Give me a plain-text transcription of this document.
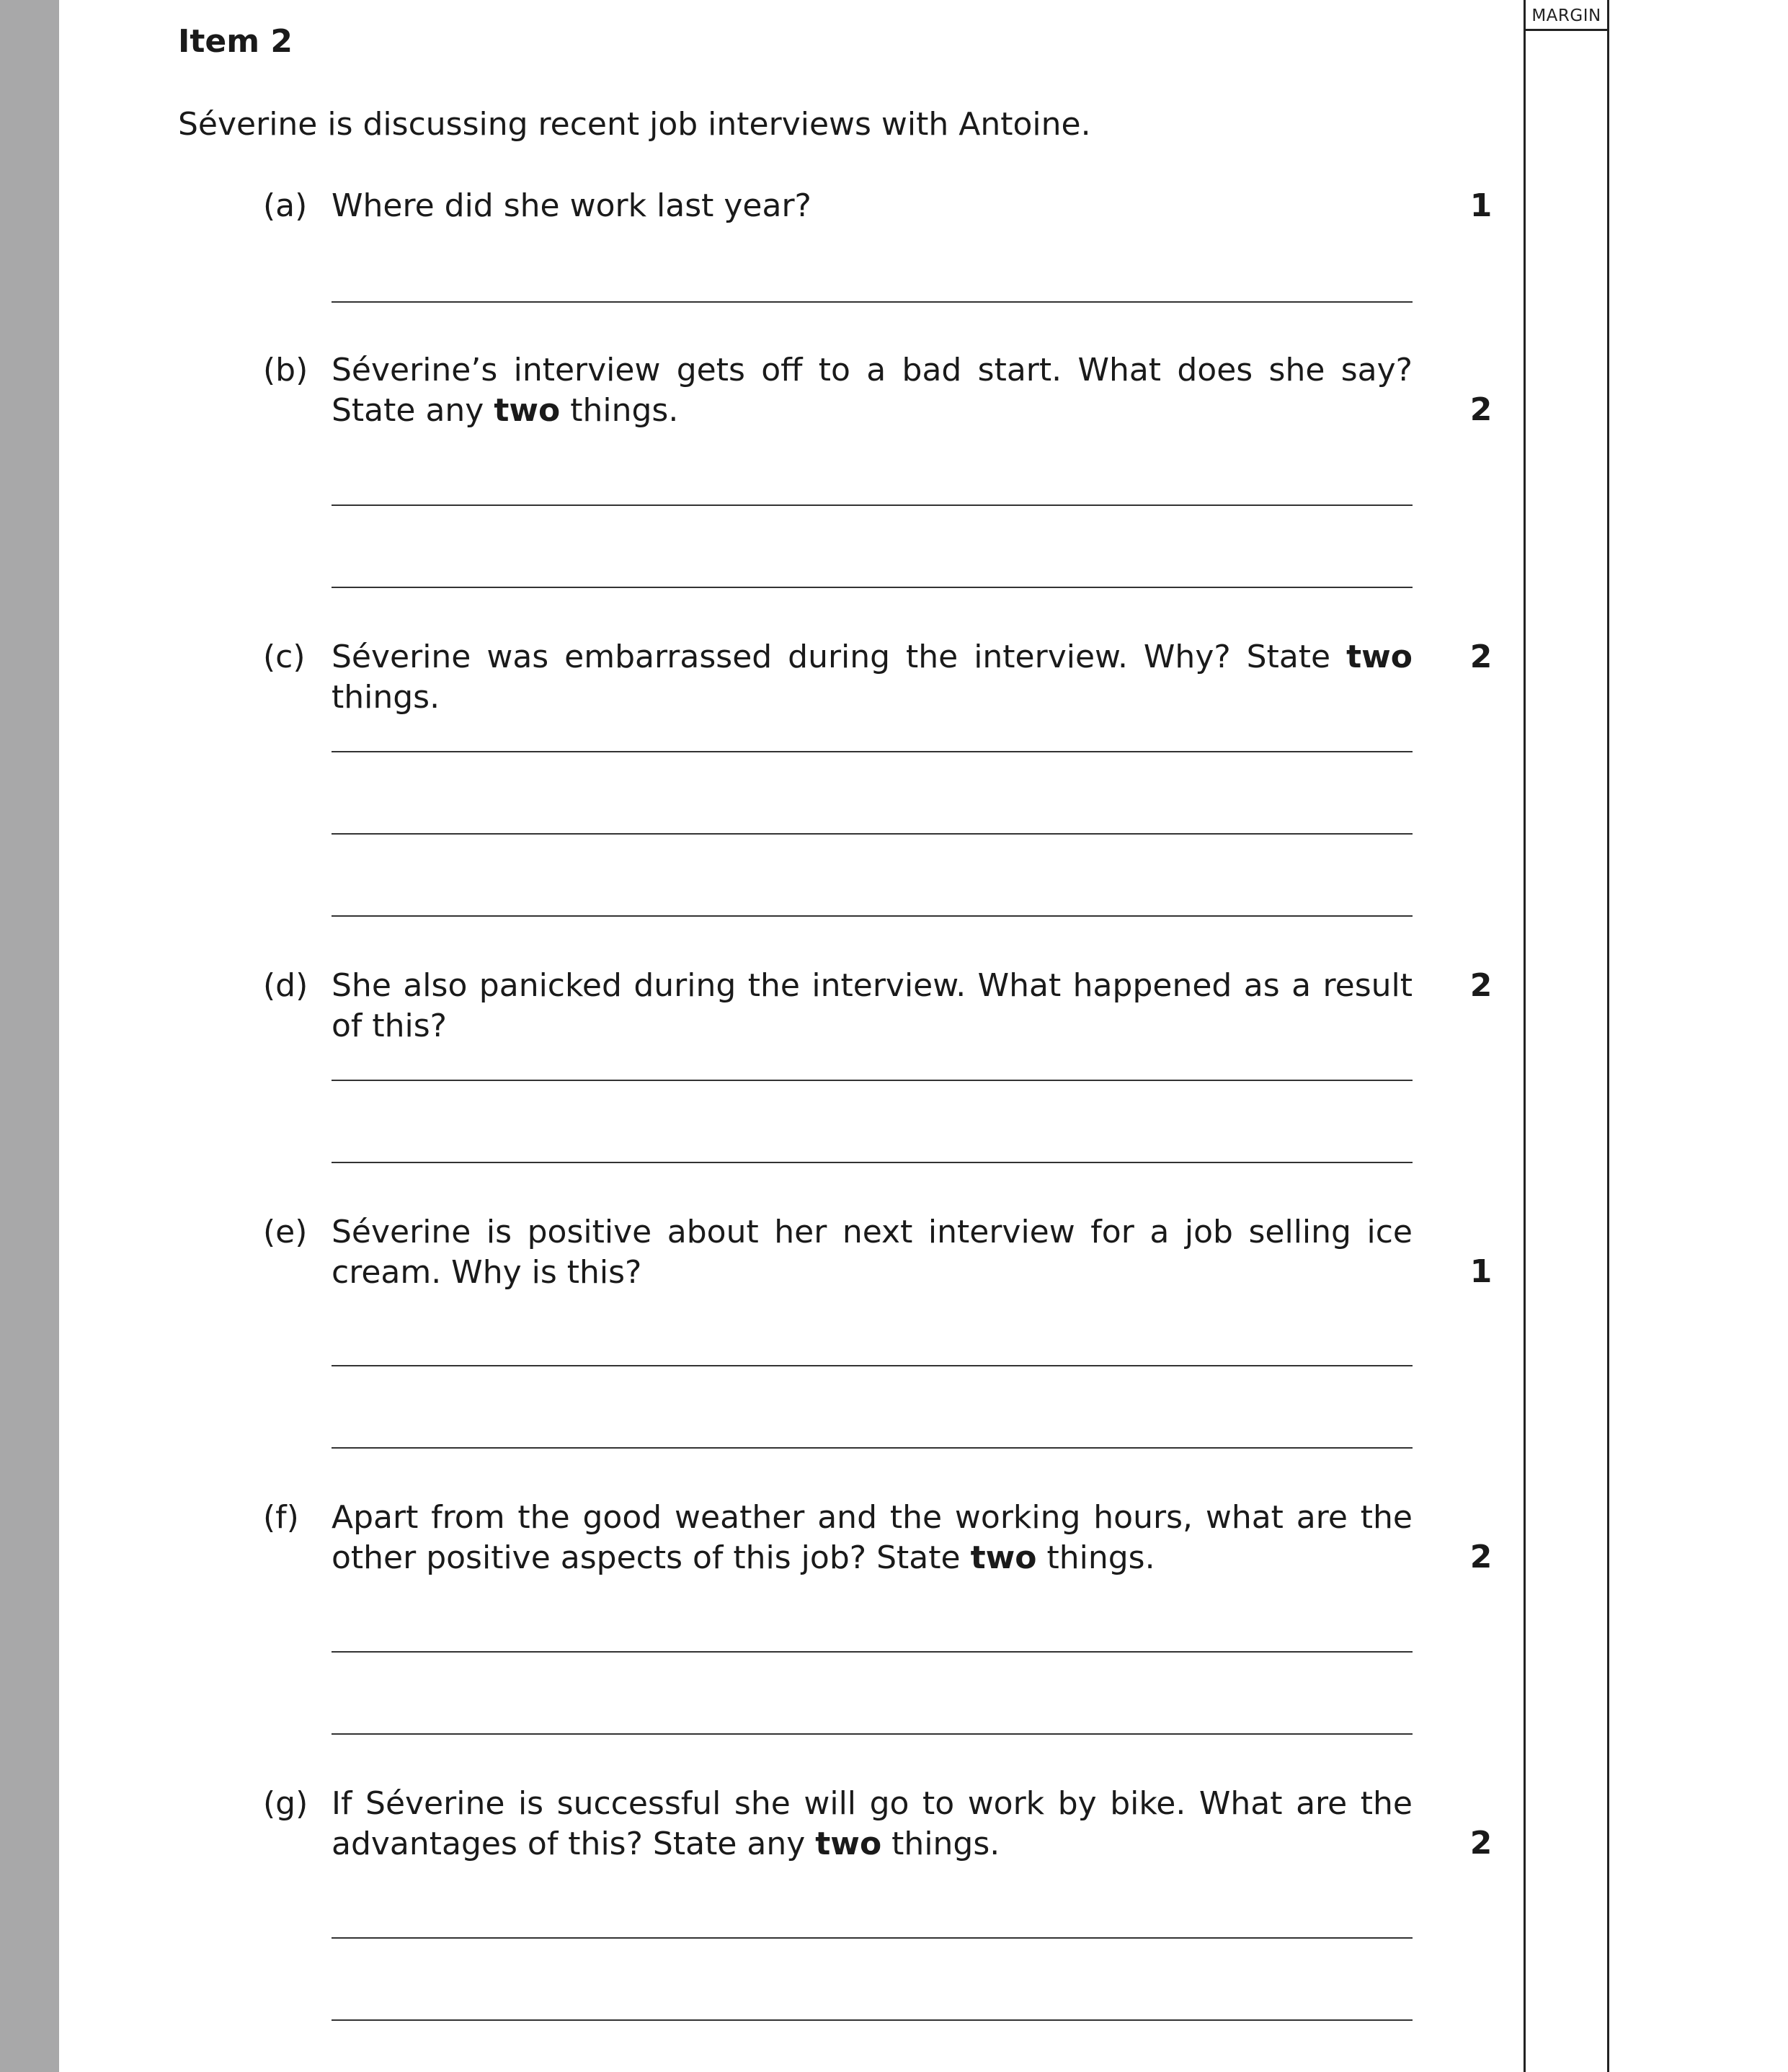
MARGIN
Item 2
Séverine is discussing recent job interviews with Antoine.
(a) Where did she work last year?	1
(b) Séverine’s interview gets off to a bad start. What does she say? State any two things.	2
(c) Séverine was embarrassed during the interview. Why? State two things.
2
(d) She also panicked during the interview. What happened as a result of this?
2
(e) Séverine is positive about her next interview for a job selling ice cream. Why is this?	1
(f) Apart from the good weather and the working hours, what are the other positive aspects of this job? State two things.	2
(g) If Séverine is successful she will go to work by bike. What are the advantages of this? State any two things.	2
